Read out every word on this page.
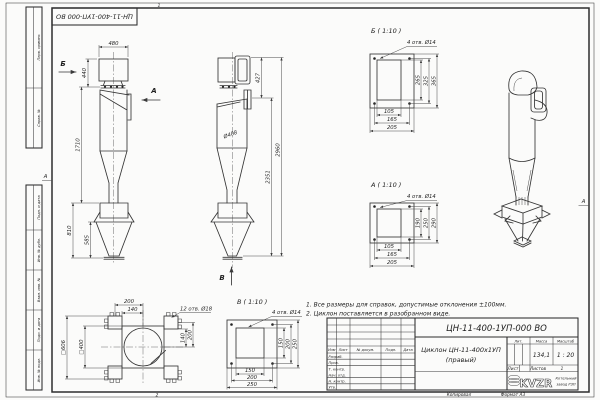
1
2
А
А
Перв. примен.
Справ. №
Подп. и дата
Инв. № дубл.
Взам. инв. №
Подп. и дата
Инв. № подл.
ЦН-11-400-1УП-000 ВО
480
440
1710
810
585
Б
А
Ø408
427
2351
2960
В
Б ( 1:10 )
4 отв. Ø14
265 325 365
105
165
205
А ( 1:10 )
4 отв. Ø14
190 250 290
105
165
205
В ( 1:10 )
4 отв. Ø14
150 200 250
150
200
250
200
140	12 отв. Ø18
140 200
□606 □400
1. Все размеры для справок, допустимые отклонения ±100мм.
2. Циклон поставляется в разобранном виде.
ЦН-11-400-1УП-000 ВО
Циклон ЦН-11-400х1УП
(правый)
Изм Лист № докум.	Подп. Дата
Разраб.
Пров.
Т. контр.
Нач. отд.
Н. контр.
Утв.
Лит.	Масса	Масштаб
134,1 1 : 20
Лист	Листов	1
KVZR Котельный
завод РЗП
Копировал	Формат А3
